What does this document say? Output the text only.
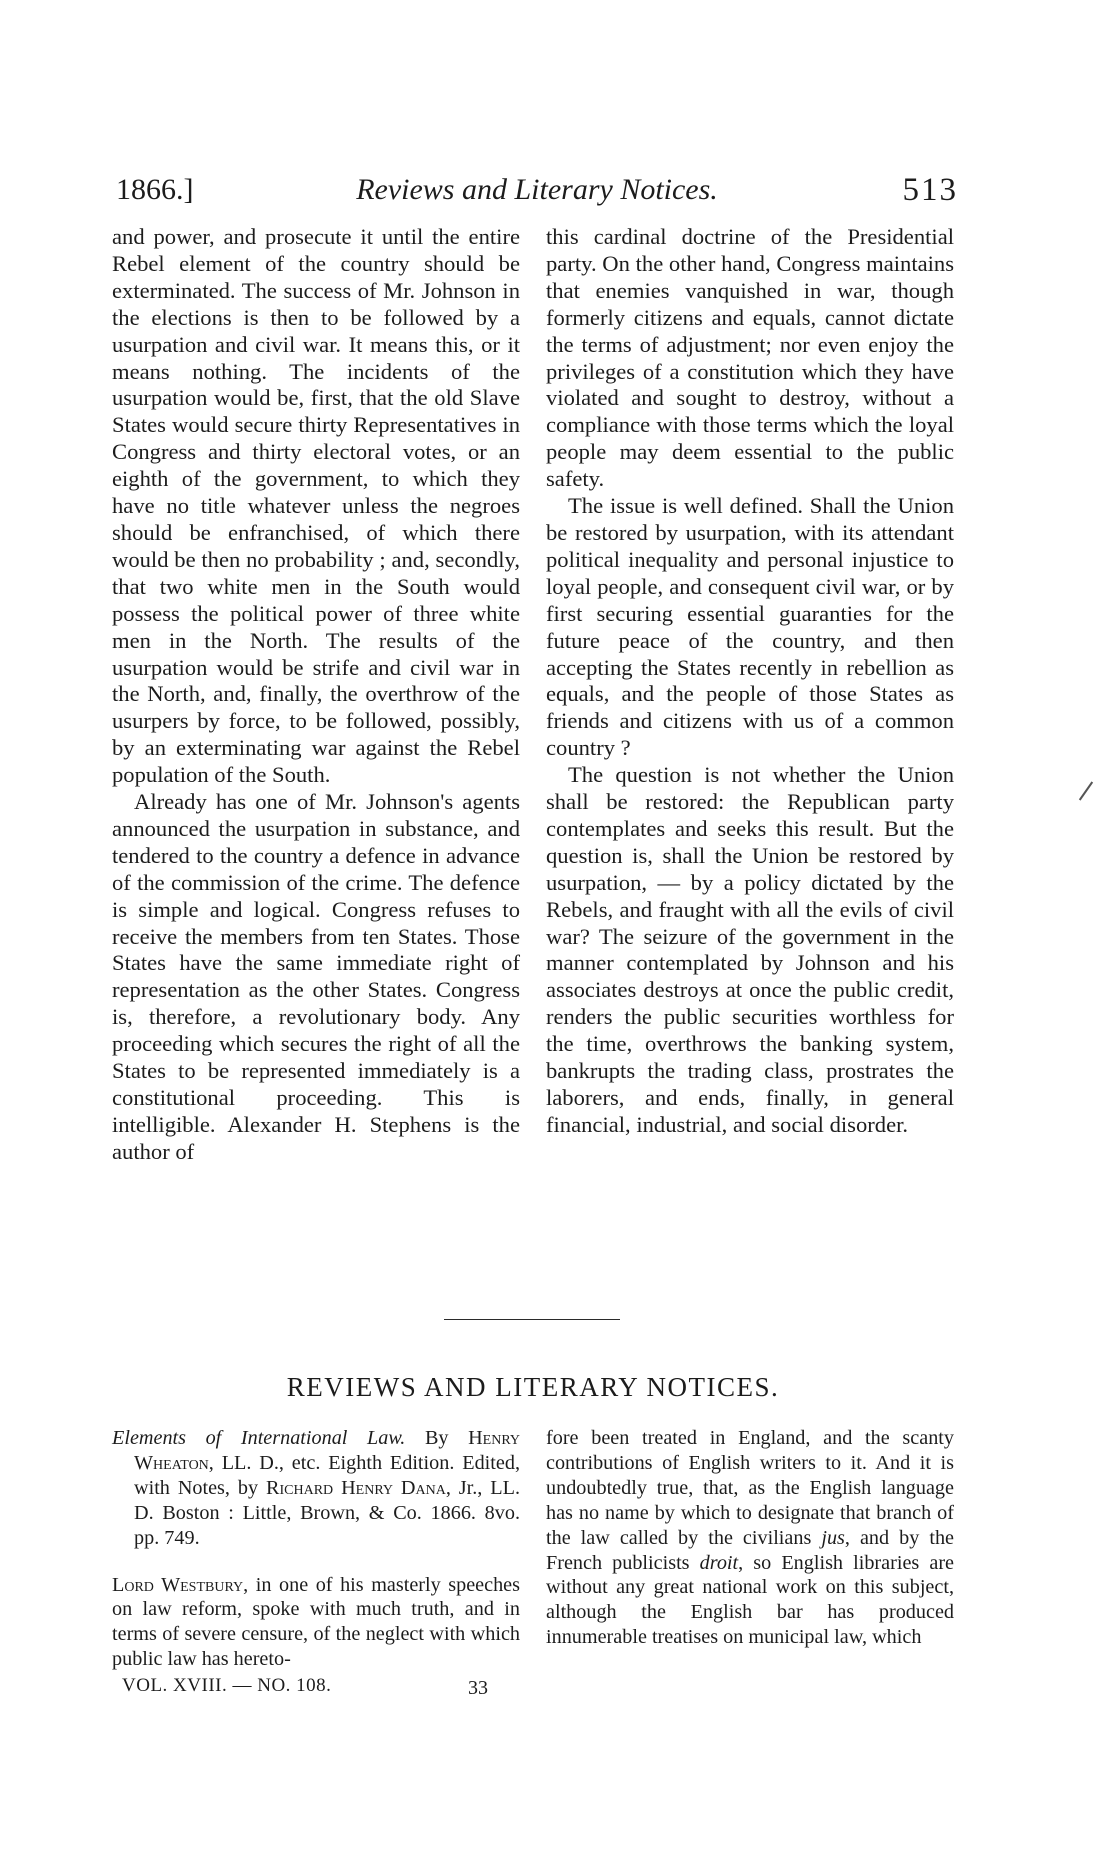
1866.]	Reviews and Literary Notices.	513

and power, and prosecute it until the entire Rebel element of the country should be exterminated. The success of Mr. Johnson in the elections is then to be followed by a usurpation and civil war. It means this, or it means nothing. The incidents of the usurpation would be, first, that the old Slave States would secure thirty Representatives in Congress and thirty electoral votes, or an eighth of the government, to which they have no title whatever unless the negroes should be enfranchised, of which there would be then no probability ; and, secondly, that two white men in the South would possess the political power of three white men in the North. The results of the usurpation would be strife and civil war in the North, and, finally, the overthrow of the usurpers by force, to be followed, possibly, by an exterminating war against the Rebel population of the South.

Already has one of Mr. Johnson's agents announced the usurpation in substance, and tendered to the country a defence in advance of the commission of the crime. The defence is simple and logical. Congress refuses to receive the members from ten States. Those States have the same immediate right of representation as the other States. Congress is, therefore, a revolutionary body. Any proceeding which secures the right of all the States to be represented immediately is a constitutional proceeding. This is intelligible. Alexander H. Stephens is the author of

this cardinal doctrine of the Presidential party. On the other hand, Congress maintains that enemies vanquished in war, though formerly citizens and equals, cannot dictate the terms of adjustment; nor even enjoy the privileges of a constitution which they have violated and sought to destroy, without a compliance with those terms which the loyal people may deem essential to the public safety.

The issue is well defined. Shall the Union be restored by usurpation, with its attendant political inequality and personal injustice to loyal people, and consequent civil war, or by first securing essential guaranties for the future peace of the country, and then accepting the States recently in rebellion as equals, and the people of those States as friends and citizens with us of a common country ?

The question is not whether the Union shall be restored: the Republican party contemplates and seeks this result. But the question is, shall the Union be restored by usurpation, — by a policy dictated by the Rebels, and fraught with all the evils of civil war? The seizure of the government in the manner contemplated by Johnson and his associates destroys at once the public credit, renders the public securities worthless for the time, overthrows the banking system, bankrupts the trading class, prostrates the laborers, and ends, finally, in general financial, industrial, and social disorder.

REVIEWS AND LITERARY NOTICES.

Elements of International Law. By Henry Wheaton, LL. D., etc. Eighth Edition. Edited, with Notes, by Richard Henry Dana, Jr., LL. D. Boston : Little, Brown, & Co. 1866. 8vo. pp. 749.

Lord Westbury, in one of his masterly speeches on law reform, spoke with much truth, and in terms of severe censure, of the neglect with which public law has hereto-

fore been treated in England, and the scanty contributions of English writers to it. And it is undoubtedly true, that, as the English language has no name by which to designate that branch of the law called by the civilians jus, and by the French publicists droit, so English libraries are without any great national work on this subject, although the English bar has produced innumerable treatises on municipal law, which

VOL. XVIII. — NO. 108.	33
